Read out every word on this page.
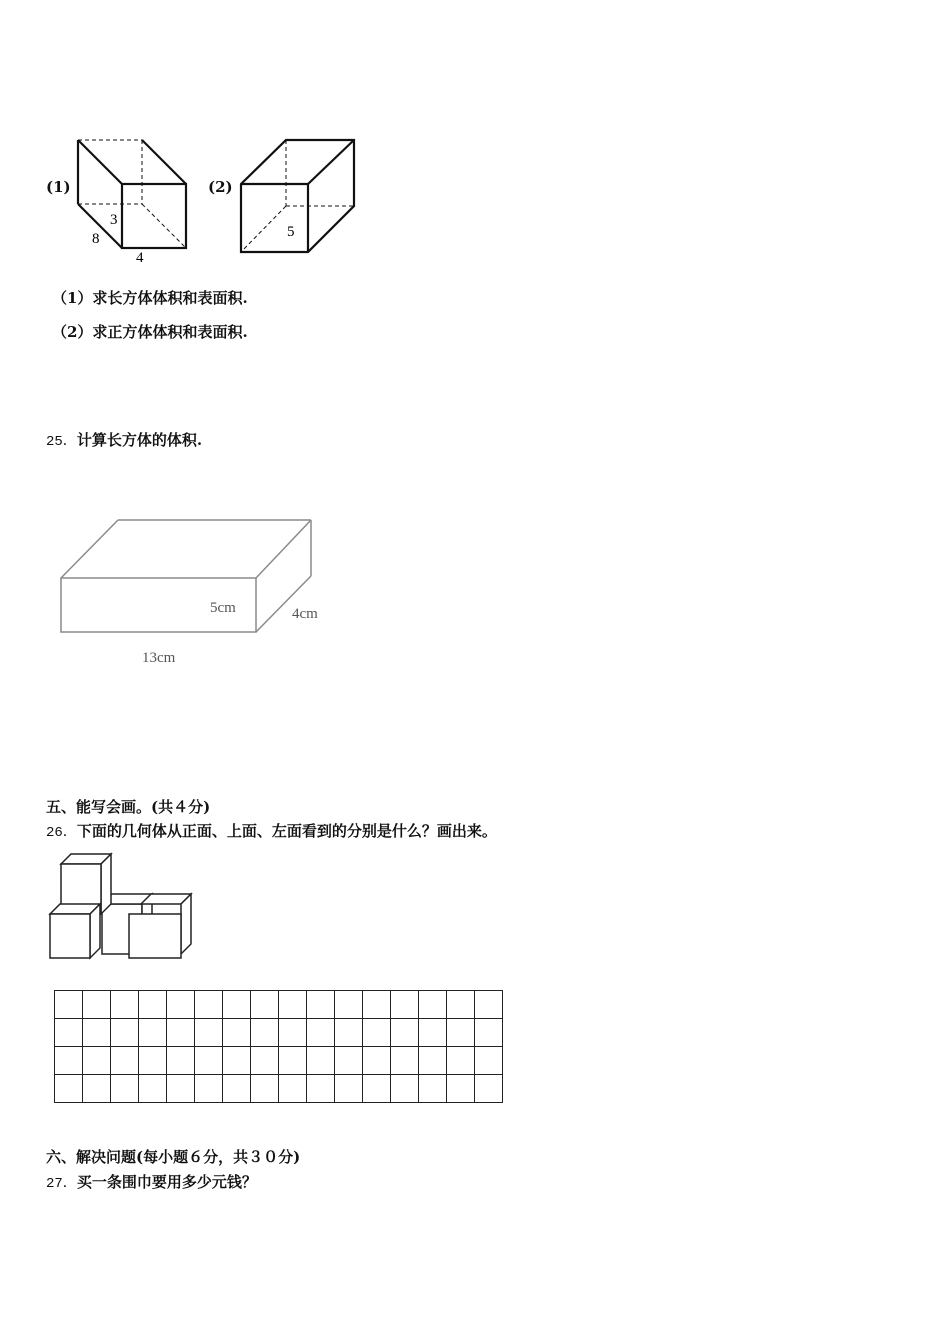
(1)
3
8
4
(2)
5
（1）求长方体体积和表面积.
（2）求正方体体积和表面积.
25．计算长方体的体积.
5cm	4cm
13cm
五、能写会画。(共４分)
26．下面的几何体从正面、上面、左面看到的分别是什么？画出来。

六、解决问题(每小题６分，共３０分)
27．买一条围巾要用多少元钱？
